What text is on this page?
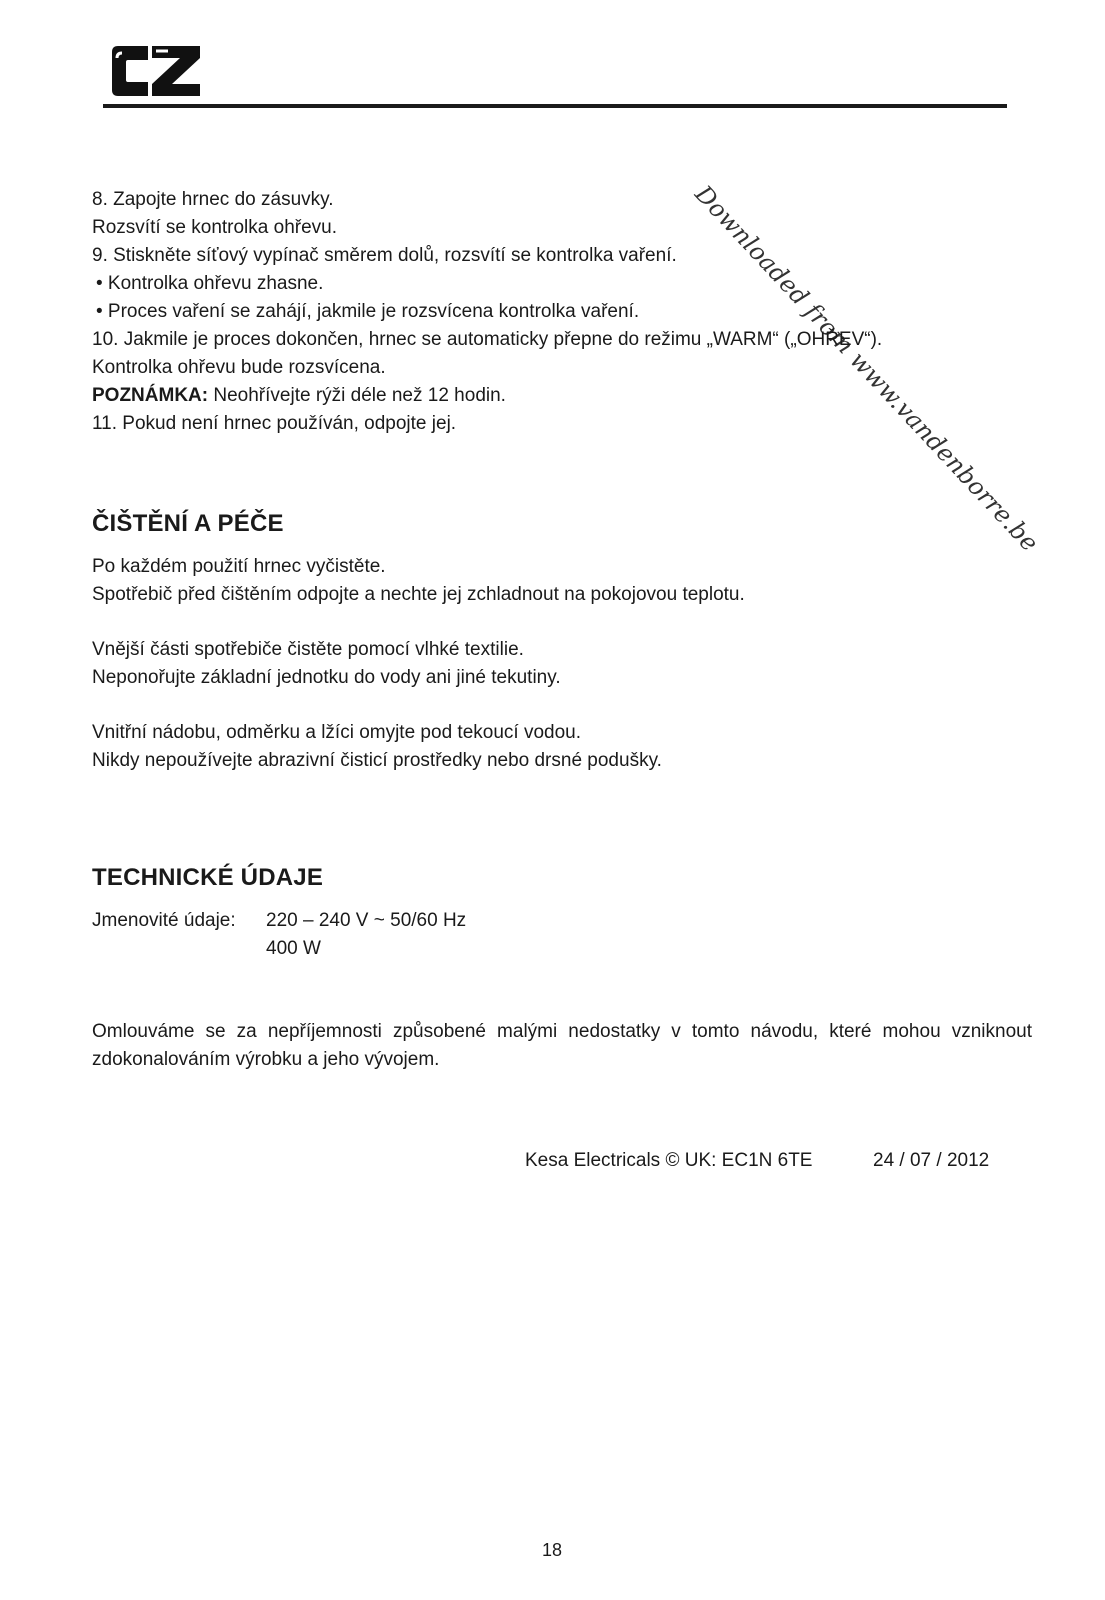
Downloaded from www.vandenborre.be
8. Zapojte hrnec do zásuvky.
Rozsvítí se kontrolka ohřevu.
9. Stiskněte síťový vypínač směrem dolů, rozsvítí se kontrolka vaření.
• Kontrolka ohřevu zhasne.
• Proces vaření se zahájí, jakmile je rozsvícena kontrolka vaření.
10. Jakmile je proces dokončen, hrnec se automaticky přepne do režimu „WARM“ („OHŘEV“).
Kontrolka ohřevu bude rozsvícena.
POZNÁMKA: Neohřívejte rýži déle než 12 hodin.
11. Pokud není hrnec používán, odpojte jej.
ČIŠTĚNÍ A PÉČE
Po každém použití hrnec vyčistěte.
Spotřebič před čištěním odpojte a nechte jej zchladnout na pokojovou teplotu.
Vnější části spotřebiče čistěte pomocí vlhké textilie.
Neponořujte základní jednotku do vody ani jiné tekutiny.
Vnitřní nádobu, odměrku a lžíci omyjte pod tekoucí vodou.
Nikdy nepoužívejte abrazivní čisticí prostředky nebo drsné podušky.
TECHNICKÉ ÚDAJE
Jmenovité údaje: 220 – 240 V ~ 50/60 Hz
400 W
Omlouváme se za nepříjemnosti způsobené malými nedostatky v tomto návodu, které mohou vzniknout zdokonalováním výrobku a jeho vývojem.
Kesa Electricals © UK: EC1N 6TE	24 / 07 / 2012
18
